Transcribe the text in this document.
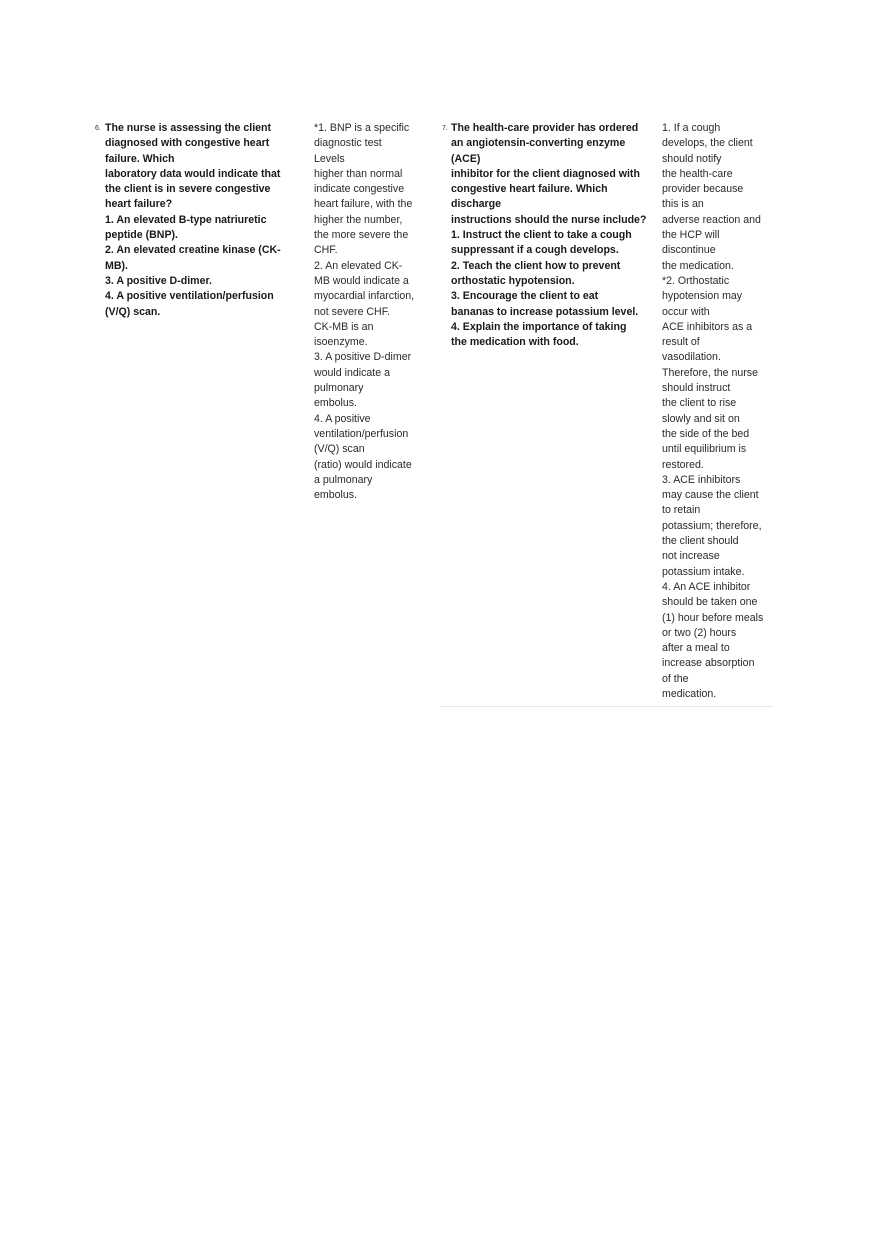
6. The nurse is assessing the client
diagnosed with congestive heart
failure. Which
laboratory data would indicate that
the client is in severe congestive
heart failure?
1. An elevated B-type natriuretic
peptide (BNP).
2. An elevated creatine kinase (CK-
MB).
3. A positive D-dimer.
4. A positive ventilation/perfusion
(V/Q) scan.
*1. BNP is a specific
diagnostic test
Levels
higher than normal
indicate congestive
heart failure, with the
higher the number,
the more severe the
CHF.
2. An elevated CK-
MB would indicate a
myocardial infarction,
not severe CHF.
CK-MB is an
isoenzyme.
3. A positive D-dimer
would indicate a
pulmonary
embolus.
4. A positive
ventilation/perfusion
(V/Q) scan
(ratio) would indicate
a pulmonary
embolus.
7. The health-care provider has ordered
an angiotensin-converting enzyme
(ACE)
inhibitor for the client diagnosed with
congestive heart failure. Which
discharge
instructions should the nurse include?
1. Instruct the client to take a cough
suppressant if a cough develops.
2. Teach the client how to prevent
orthostatic hypotension.
3. Encourage the client to eat
bananas to increase potassium level.
4. Explain the importance of taking
the medication with food.
1. If a cough
develops, the client
should notify
the health-care
provider because
this is an
adverse reaction and
the HCP will
discontinue
the medication.
*2. Orthostatic
hypotension may
occur with
ACE inhibitors as a
result of
vasodilation.
Therefore, the nurse
should instruct
the client to rise
slowly and sit on
the side of the bed
until equilibrium is
restored.
3. ACE inhibitors
may cause the client
to retain
potassium; therefore,
the client should
not increase
potassium intake.
4. An ACE inhibitor
should be taken one
(1) hour before meals
or two (2) hours
after a meal to
increase absorption
of the
medication.
